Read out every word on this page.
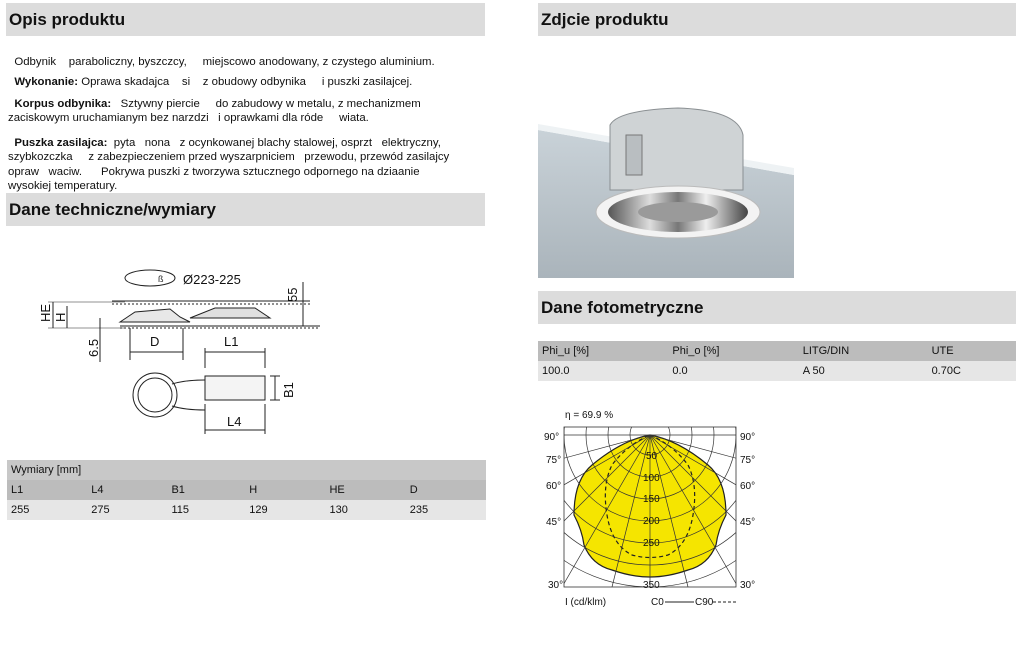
Opis produktu

Odbynik    paraboliczny, byszczcy,     miejscowo anodowany, z czystego aluminium.

Wykonanie: Oprawa skadajca    si    z obudowy odbynika     i puszki zasilajcej.

Korpus odbynika:   Sztywny piercie     do zabudowy w metalu, z mechanizmem
zaciskowym uruchamianym bez narzdzi   i oprawkami dla róde     wiata.

Puszka zasilajca:  pyta   nona   z ocynkowanej blachy stalowej, osprzt   elektryczny,
szybkozczka     z zabezpieczeniem przed wyszarpniciem   przewodu, przewód zasilajcy
opraw   waciw.      Pokrywa puszki z tworzywa sztucznego odpornego na dziaanie
wysokiej temperatury.

Dane techniczne/wymiary
ß Ø223-225
HE H
6.5	D	L1
55
B1
L4
Wymiary [mm]					
L1	L4	B1	H	HE	D
255	275	115	129	130	235
Zdjcie produktu
Dane fotometryczne
Phi_u [%]	Phi_o [%]	LITG/DIN	UTE
100.0	0.0	A 50	0.70C
η = 69.9 %
90°	90°
75°	75°
60°	60°
45°	45°
30°	30°
50
100
150
200
250
350
I (cd/klm)	C0	C90
